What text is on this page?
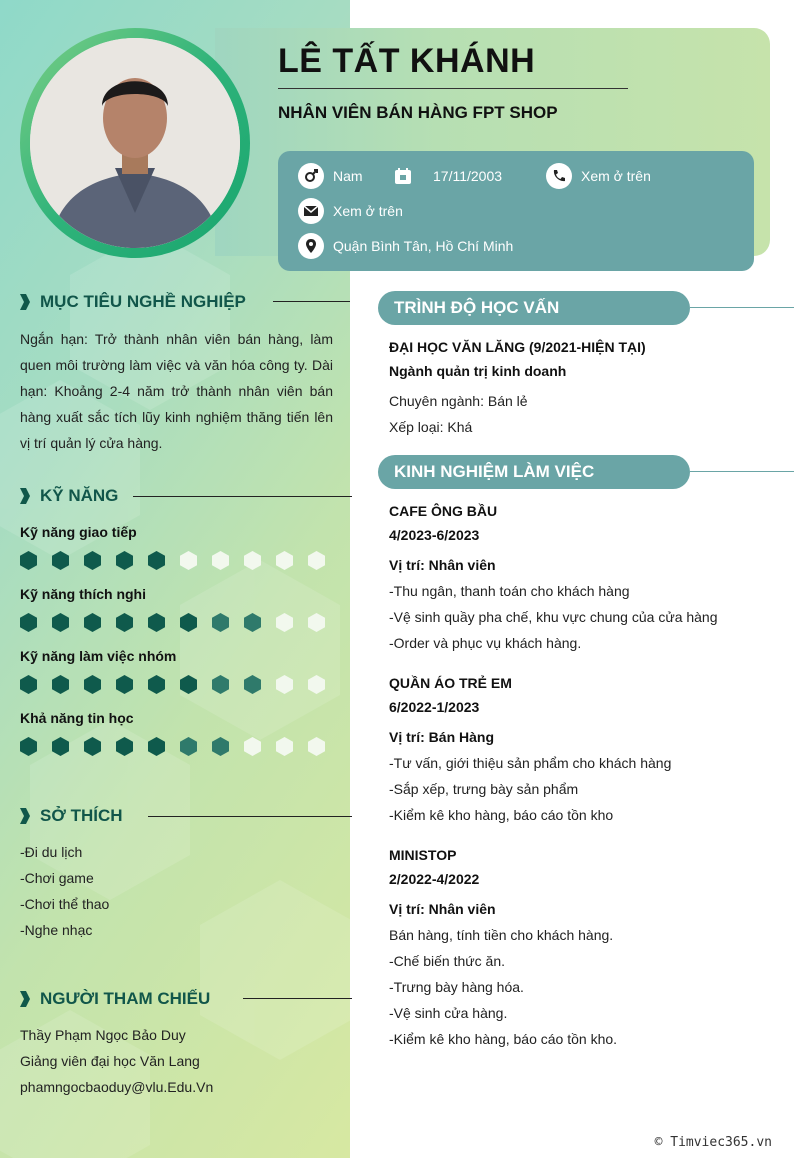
LÊ TẤT KHÁNH
NHÂN VIÊN BÁN HÀNG FPT SHOP
Nam	17/11/2003	Xem ở trên
Xem ở trên
Quận Bình Tân, Hồ Chí Minh
MỤC TIÊU NGHỀ NGHIỆP
Ngắn hạn: Trở thành nhân viên bán hàng, làm quen môi trường làm việc và văn hóa công ty. Dài hạn: Khoảng 2-4 năm trở thành nhân viên bán hàng xuất sắc tích lũy kinh nghiệm thăng tiến lên vị trí quản lý cửa hàng.
KỸ NĂNG
Kỹ năng giao tiếp
Kỹ năng thích nghi
Kỹ năng làm việc nhóm
Khả năng tin học
SỞ THÍCH
-Đi du lịch
-Chơi game
-Chơi thể thao
-Nghe nhạc
NGƯỜI THAM CHIẾU
Thầy Phạm Ngọc Bảo Duy
Giảng viên đại học Văn Lang
phamngocbaoduy@vlu.Edu.Vn
TRÌNH ĐỘ HỌC VẤN
ĐẠI HỌC VĂN LĂNG (9/2021-HIỆN TẠI)
Ngành quản trị kinh doanh
Chuyên ngành: Bán lẻ
Xếp loại: Khá
KINH NGHIỆM LÀM VIỆC
CAFE ÔNG BẦU
4/2023-6/2023
Vị trí: Nhân viên
-Thu ngân, thanh toán cho khách hàng
-Vệ sinh quầy pha chế, khu vực chung của cửa hàng
-Order và phục vụ khách hàng.
QUẦN ÁO TRẺ EM
6/2022-1/2023
Vị trí: Bán Hàng
-Tư vấn, giới thiệu sản phẩm cho khách hàng
-Sắp xếp, trưng bày sản phẩm
-Kiểm kê kho hàng, báo cáo tồn kho
MINISTOP
2/2022-4/2022
Vị trí: Nhân viên
Bán hàng, tính tiền cho khách hàng.
-Chế biến thức ăn.
-Trưng bày hàng hóa.
-Vệ sinh cửa hàng.
-Kiểm kê kho hàng, báo cáo tồn kho.
© Timviec365.vn
